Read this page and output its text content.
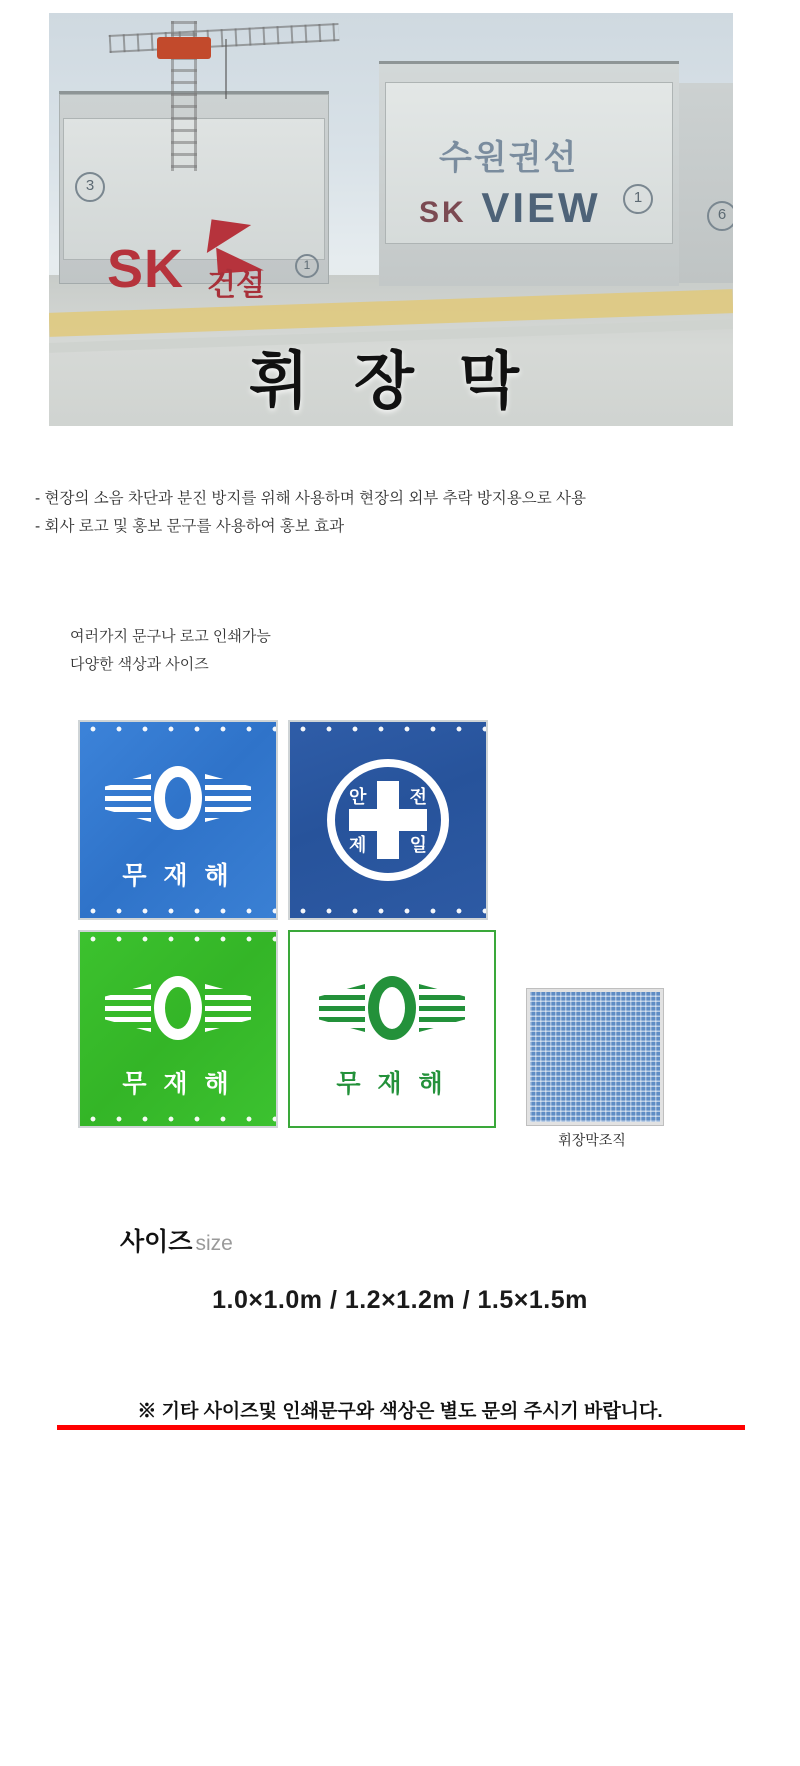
SK 건설
3
1
수원권선
SK VIEW	1
6
휘 장 막
- 현장의 소음 차단과 분진 방지를 위해 사용하며 현장의 외부 추락 방지용으로 사용
- 회사 로고 및 홍보 문구를 사용하여 홍보 효과
여러가지 문구나 로고 인쇄가능
다양한 색상과 사이즈
무 재 해
안 전
제 일
무 재 해	무 재 해
휘장막조직
사이즈 size
1.0×1.0m / 1.2×1.2m / 1.5×1.5m
※ 기타 사이즈및 인쇄문구와 색상은 별도 문의 주시기 바랍니다.
